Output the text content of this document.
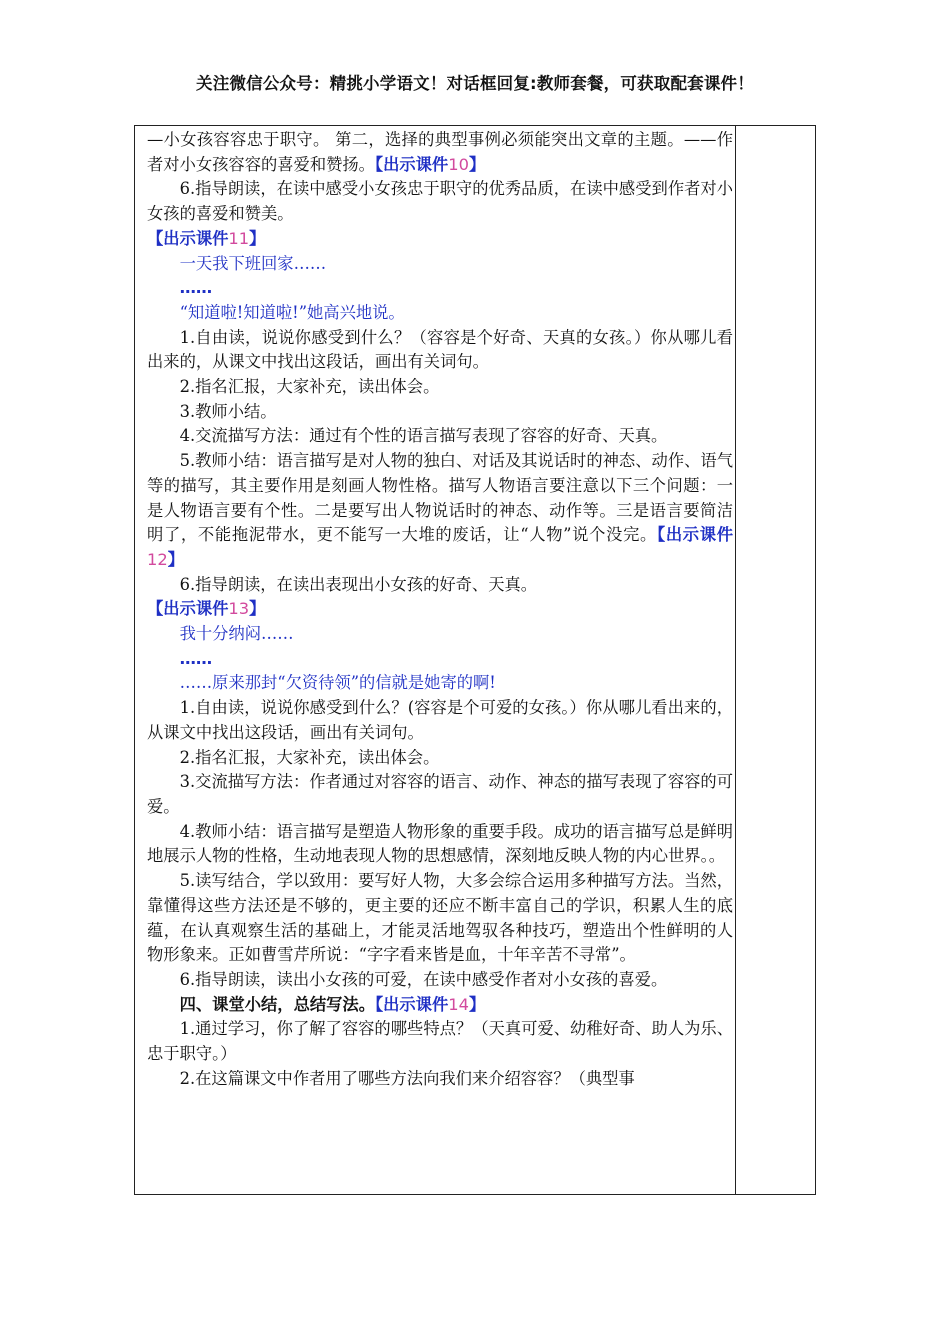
关注微信公众号：精挑小学语文！对话框回复:教师套餐，可获取配套课件！

—小女孩容容忠于职守。 第二，选择的典型事例必须能突出文章的主题。——作者对小女孩容容的喜爱和赞扬。【出示课件10】

6.指导朗读，在读中感受小女孩忠于职守的优秀品质，在读中感受到作者对小女孩的喜爱和赞美。

【出示课件11】

一天我下班回家……

……

“知道啦!知道啦!”她高兴地说。

1.自由读，说说你感受到什么？（容容是个好奇、天真的女孩。）你从哪儿看出来的，从课文中找出这段话，画出有关词句。

2.指名汇报，大家补充，读出体会。

3.教师小结。

4.交流描写方法：通过有个性的语言描写表现了容容的好奇、天真。

5.教师小结：语言描写是对人物的独白、对话及其说话时的神态、动作、语气等的描写，其主要作用是刻画人物性格。描写人物语言要注意以下三个问题：一是人物语言要有个性。二是要写出人物说话时的神态、动作等。三是语言要简洁明了，不能拖泥带水，更不能写一大堆的废话，让“人物”说个没完。【出示课件12】

6.指导朗读，在读出表现出小女孩的好奇、天真。

【出示课件13】

我十分纳闷……

……

……原来那封“欠资待领”的信就是她寄的啊!

1.自由读，说说你感受到什么？(容容是个可爱的女孩。）你从哪儿看出来的，从课文中找出这段话，画出有关词句。

2.指名汇报，大家补充，读出体会。

3.交流描写方法：作者通过对容容的语言、动作、神态的描写表现了容容的可爱。

4.教师小结：语言描写是塑造人物形象的重要手段。成功的语言描写总是鲜明地展示人物的性格，生动地表现人物的思想感情，深刻地反映人物的内心世界。。

5.读写结合，学以致用：要写好人物，大多会综合运用多种描写方法。当然，靠懂得这些方法还是不够的，更主要的还应不断丰富自己的学识，积累人生的底蕴，在认真观察生活的基础上，才能灵活地驾驭各种技巧，塑造出个性鲜明的人物形象来。正如曹雪芹所说：“字字看来皆是血，十年辛苦不寻常”。

6.指导朗读，读出小女孩的可爱，在读中感受作者对小女孩的喜爱。

四、课堂小结，总结写法。【出示课件14】

1.通过学习，你了解了容容的哪些特点？（天真可爱、幼稚好奇、助人为乐、忠于职守。）

2.在这篇课文中作者用了哪些方法向我们来介绍容容？（典型事
